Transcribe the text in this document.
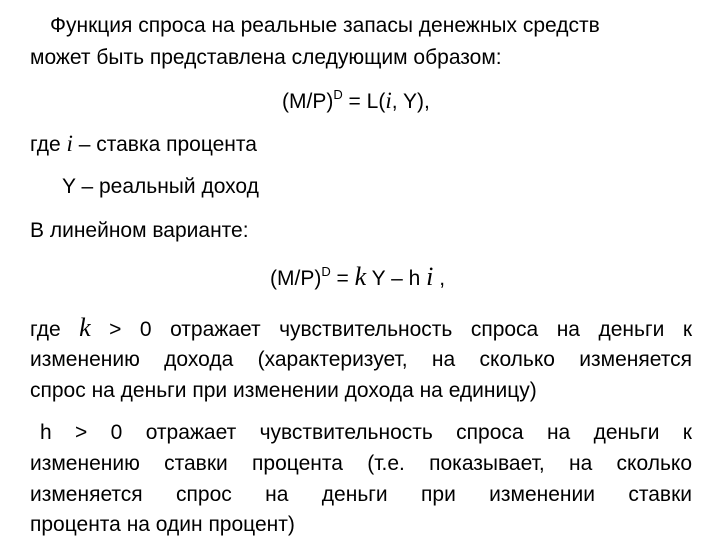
Функция спроса на реальные запасы денежных средств
может быть представлена следующим образом:
$(M/P)^D = L(i$, Y),
где i – ставка процента
Y – реальный доход
В линейном варианте:
$(M/P)^D = k$ Y – h i ,
где k > 0 отражает чувствительность спроса на деньги к
изменению дохода (характеризует, на сколько изменяется
спрос на деньги при изменении дохода на единицу)
h > 0 отражает чувствительность спроса на деньги к
изменению ставки процента (т.е. показывает, на сколько
изменяется спрос на деньги при изменении ставки
процента на один процент)
